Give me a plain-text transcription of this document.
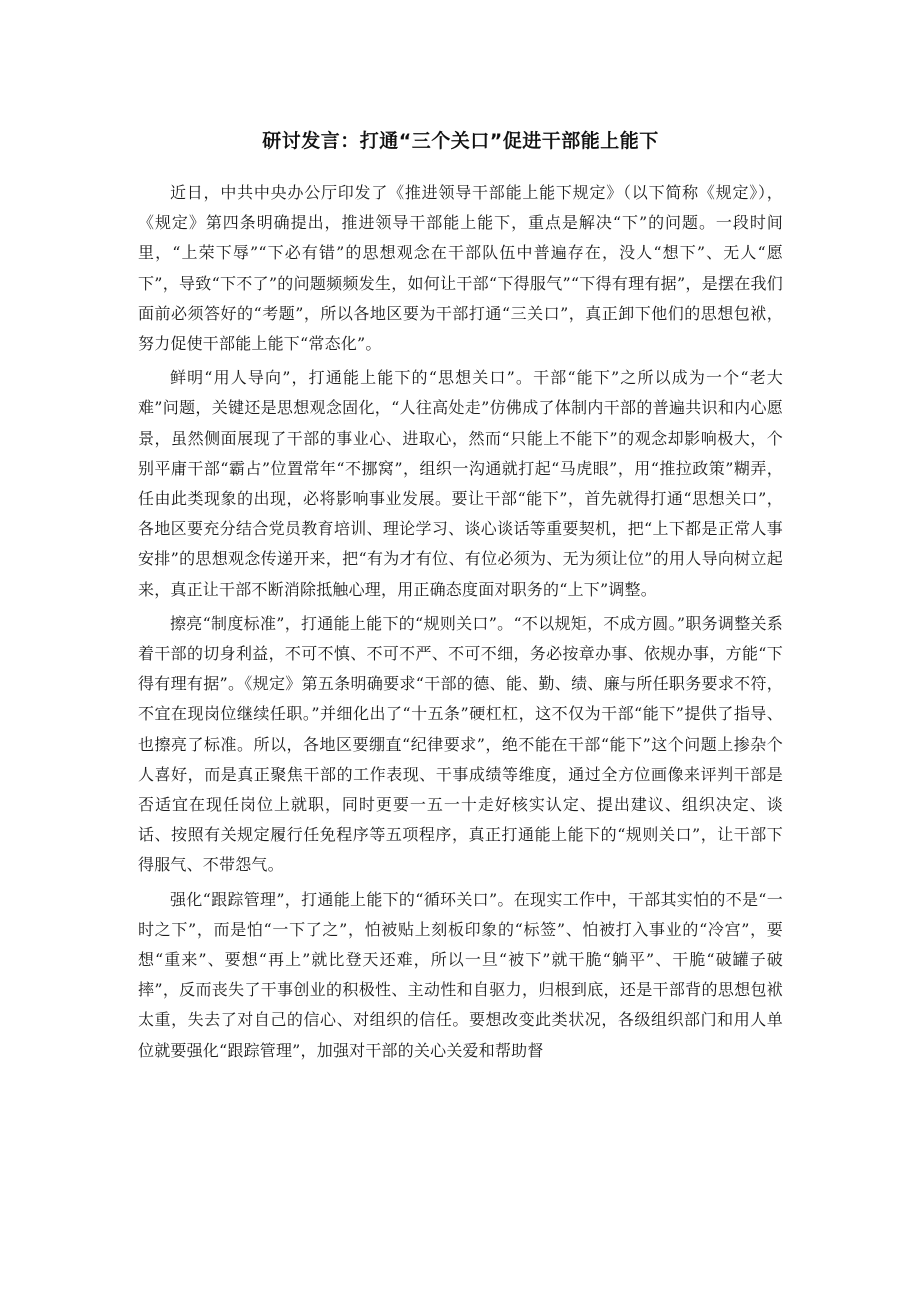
研讨发言：打通“三个关口”促进干部能上能下

近日，中共中央办公厅印发了《推进领导干部能上能下规定》（以下简称《规定》），《规定》第四条明确提出，推进领导干部能上能下，重点是解决“下”的问题。一段时间里，“上荣下辱”“下必有错”的思想观念在干部队伍中普遍存在，没人“想下”、无人“愿下”，导致“下不了”的问题频频发生，如何让干部“下得服气”“下得有理有据”，是摆在我们面前必须答好的“考题”，所以各地区要为干部打通“三关口”，真正卸下他们的思想包袱，努力促使干部能上能下“常态化”。

鲜明“用人导向”，打通能上能下的“思想关口”。干部“能下”之所以成为一个“老大难”问题，关键还是思想观念固化，“人往高处走”仿佛成了体制内干部的普遍共识和内心愿景，虽然侧面展现了干部的事业心、进取心，然而“只能上不能下”的观念却影响极大，个别平庸干部“霸占”位置常年“不挪窝”，组织一沟通就打起“马虎眼”，用“推拉政策”糊弄，任由此类现象的出现，必将影响事业发展。要让干部“能下”，首先就得打通“思想关口”，各地区要充分结合党员教育培训、理论学习、谈心谈话等重要契机，把“上下都是正常人事安排”的思想观念传递开来，把“有为才有位、有位必须为、无为须让位”的用人导向树立起来，真正让干部不断消除抵触心理，用正确态度面对职务的“上下”调整。

擦亮“制度标准”，打通能上能下的“规则关口”。“不以规矩，不成方圆。”职务调整关系着干部的切身利益，不可不慎、不可不严、不可不细，务必按章办事、依规办事，方能“下得有理有据”。《规定》第五条明确要求“干部的德、能、勤、绩、廉与所任职务要求不符，不宜在现岗位继续任职。”并细化出了“十五条”硬杠杠，这不仅为干部“能下”提供了指导、也擦亮了标准。所以，各地区要绷直“纪律要求”，绝不能在干部“能下”这个问题上掺杂个人喜好，而是真正聚焦干部的工作表现、干事成绩等维度，通过全方位画像来评判干部是否适宜在现任岗位上就职，同时更要一五一十走好核实认定、提出建议、组织决定、谈话、按照有关规定履行任免程序等五项程序，真正打通能上能下的“规则关口”，让干部下得服气、不带怨气。

强化“跟踪管理”，打通能上能下的“循环关口”。在现实工作中，干部其实怕的不是“一时之下”，而是怕“一下了之”，怕被贴上刻板印象的“标签”、怕被打入事业的“冷宫”，要想“重来”、要想“再上”就比登天还难，所以一旦“被下”就干脆“躺平”、干脆“破罐子破摔”，反而丧失了干事创业的积极性、主动性和自驱力，归根到底，还是干部背的思想包袱太重，失去了对自己的信心、对组织的信任。要想改变此类状况，各级组织部门和用人单位就要强化“跟踪管理”，加强对干部的关心关爱和帮助督
